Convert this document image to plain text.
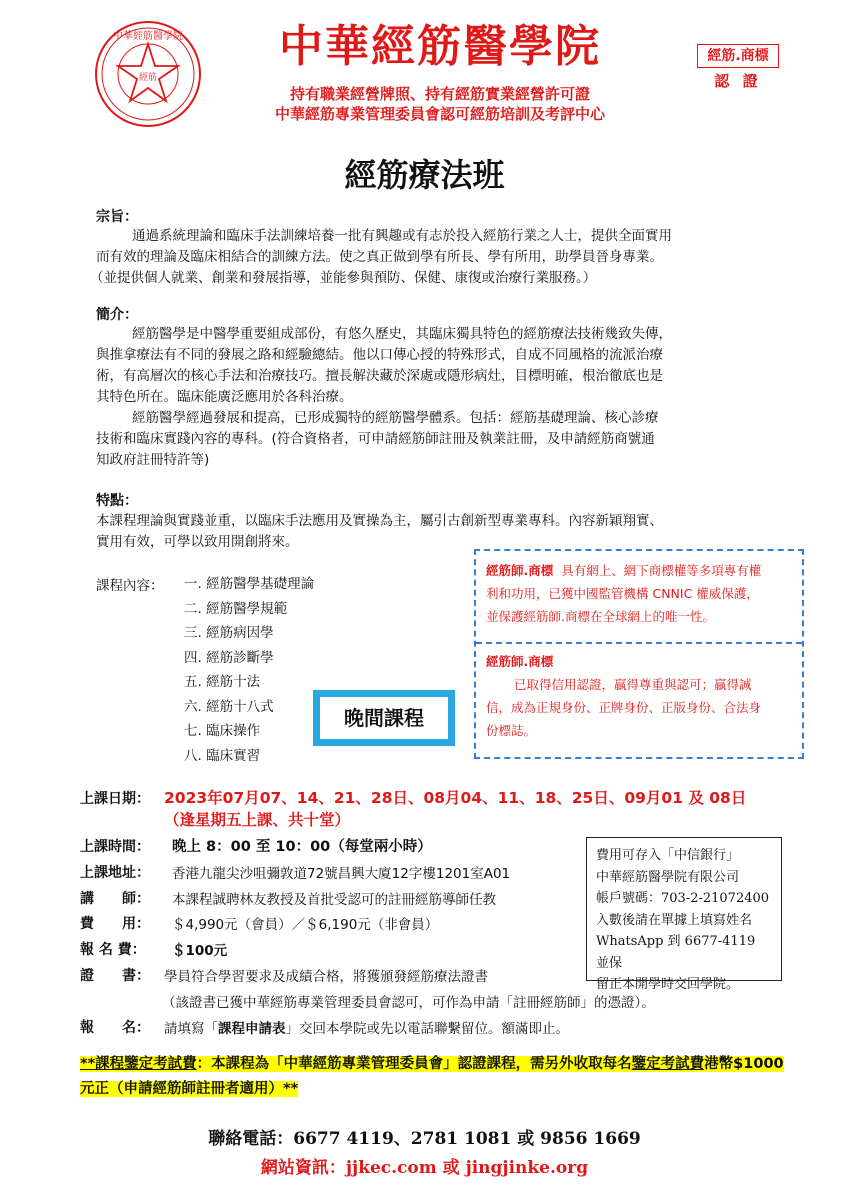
中華經筋醫學院
經筋
中華經筋醫學院
持有職業經營牌照、持有經筋實業經營許可證
中華經筋專業管理委員會認可經筋培訓及考評中心
經筋.商標
認 證
經筋療法班
宗旨：
通過系統理論和臨床手法訓練培養一批有興趣或有志於投入經筋行業之人士，提供全面實用
而有效的理論及臨床相結合的訓練方法。使之真正做到學有所長、學有所用，助學員晉身專業。
（並提供個人就業、創業和發展指導，並能參與預防、保健、康復或治療行業服務。）
簡介：
經筋醫學是中醫學重要組成部份，有悠久歷史，其臨床獨具特色的經筋療法技術幾致失傳，
與推拿療法有不同的發展之路和經驗總結。他以口傳心授的特殊形式，自成不同風格的流派治療
術，有高層次的核心手法和治療技巧。擅長解決藏於深處或隱形病灶，目標明確，根治徹底也是
其特色所在。臨床能廣泛應用於各科治療。
經筋醫學經過發展和提高，已形成獨特的經筋醫學體系。包括：經筋基礎理論、核心診療
技術和臨床實踐內容的專科。(符合資格者，可申請經筋師註冊及執業註冊，及申請經筋商號通
知政府註冊特許等)
特點：
本課程理論與實踐並重，以臨床手法應用及實操為主，屬引古創新型專業專科。內容新穎翔實、
實用有效，可學以致用開創將來。
課程內容： 一. 經筋醫學基礎理論
二. 經筋醫學規範
三. 經筋病因學
四. 經筋診斷學
五. 經筋十法
六. 經筋十八式
七. 臨床操作
八. 臨床實習
晚間課程
經筋師.商標 具有網上、網下商標權等多項專有權
利和功用，已獲中國監管機構 CNNIC 權威保護，
並保護經筋師.商標在全球網上的唯一性。
經筋師.商標
已取得信用認證，贏得尊重與認可；贏得誠
信，成為正規身份、正牌身份、正版身份、合法身
份標誌。
上課日期： 2023年07月07、14、21、28日、08月04、11、18、25日、09月01 及 08日
（逢星期五上課、共十堂）
上課時間： 晚上 8：00 至 10：00（每堂兩小時）
上課地址： 香港九龍尖沙咀彌敦道72號昌興大廈12字樓1201室A01
講　　師： 本課程誠聘林友教授及首批受認可的註冊經筋導師任教
費　　用： ＄4,990元（會員）／＄6,190元（非會員）
報 名 費： ＄100元
證　　書： 學員符合學習要求及成績合格，將獲頒發經筋療法證書
（該證書已獲中華經筋專業管理委員會認可，可作為申請「註冊經筋師」的憑證）。
報　　名： 請填寫「課程申請表」交回本學院或先以電話聯繫留位。額滿即止。
費用可存入「中信銀行」
中華經筋醫學院有限公司
帳戶號碼：703-2-21072400
入數後請在單據上填寫姓名
WhatsApp 到 6677-4119 並保
留正本開學時交回學院。
**課程鑒定考試費：本課程為「中華經筋專業管理委員會」認證課程，需另外收取每名鑒定考試費港幣$1000元正（申請經筋師註冊者適用）**
聯絡電話：6677 4119、2781 1081 或 9856 1669
網站資訊：jjkec.com 或 jingjinke.org
